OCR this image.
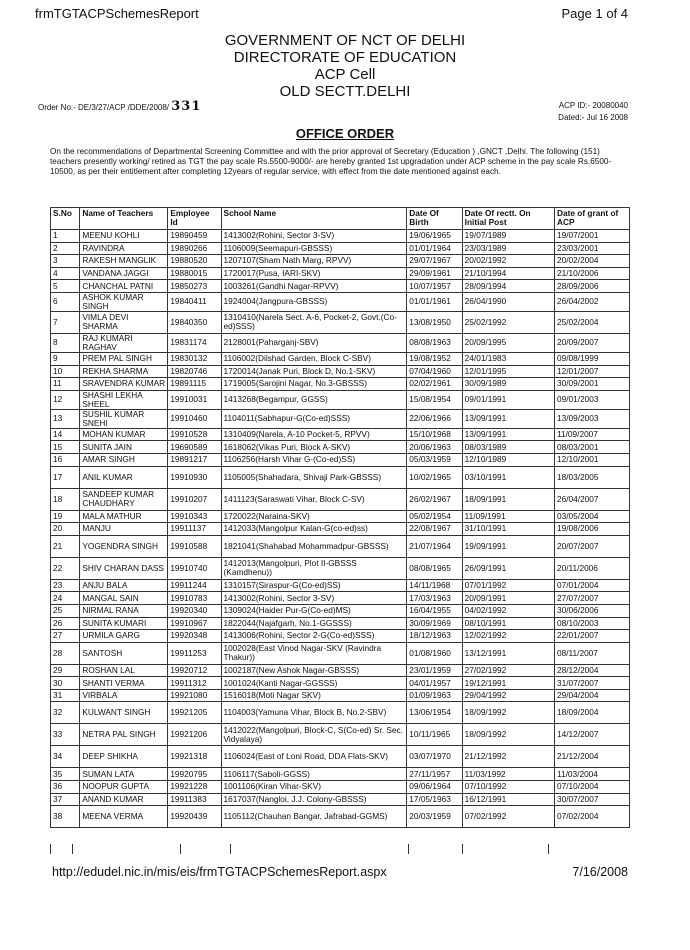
frmTGTACPSchemesReport	Page 1 of 4
GOVERNMENT OF NCT OF DELHI
DIRECTORATE OF EDUCATION
ACP Cell
OLD SECTT.DELHI
Order No:- DE/3/27/ACP /DDE/2008/ 331	ACP ID:- 20080040
Dated:- Jul 16 2008
OFFICE ORDER
On the recommendations of Departmental Screening Committee and with the prior approval of Secretary (Education ) ,GNCT ,Delhi. The following (151) teachers presently working/ retired as TGT the pay scale Rs.5500-9000/- are hereby granted 1st upgradation under ACP scheme in the pay scale Rs.6500-10500, as per their entitlement after completing 12years of regular service, with effect from the date mentioned against each.
S.No	Name of Teachers	Employee Id	School Name	Date Of Birth	Date Of rectt. On Initial Post	Date of grant of ACP
1	MEENU KOHLI	19890459	1413002(Rohini, Sector 3-SV)	19/06/1965	19/07/1989	19/07/2001
2	RAVINDRA	19890266	1106009(Seemapuri-GBSSS)	01/01/1964	23/03/1989	23/03/2001
3	RAKESH MANGLIK	19880520	1207107(Sham Nath Marg, RPVV)	29/07/1967	20/02/1992	20/02/2004
4	VANDANA JAGGI	19880015	1720017(Pusa, IARI-SKV)	29/09/1961	21/10/1994	21/10/2006
5	CHANCHAL PATNI	19850273	1003261(Gandhi Nagar-RPVV)	10/07/1957	28/09/1994	28/09/2006
6	ASHOK KUMAR SINGH	19840411	1924004(Jangpura-GBSSS)	01/01/1961	26/04/1990	26/04/2002
7	VIMLA DEVI SHARMA	19840350	1310410(Narela Sect. A-6, Pocket-2, Govt.(Co-ed)SSS)	13/08/1950	25/02/1992	25/02/2004
8	RAJ KUMARI RAGHAV	19831174	2128001(Paharganj-SBV)	08/08/1963	20/09/1995	20/09/2007
9	PREM PAL SINGH	19830132	1106002(Dilshad Garden, Block C-SBV)	19/08/1952	24/01/1983	09/08/1999
10	REKHA SHARMA	19820746	1720014(Janak Puri, Block D, No.1-SKV)	07/04/1960	12/01/1995	12/01/2007
11	SRAVENDRA KUMAR	19891115	1719005(Sarojini Nagar, No.3-GBSSS)	02/02/1961	30/09/1989	30/09/2001
12	SHASHI LEKHA SHEEL	19910031	1413268(Begampur, GGSS)	15/08/1954	09/01/1991	09/01/2003
13	SUSHIL KUMAR SNEHI	19910460	1104011(Sabhapur-G(Co-ed)SSS)	22/06/1966	13/09/1991	13/09/2003
14	MOHAN KUMAR	19910528	1310409(Narela, A-10 Pocket-5, RPVV)	15/10/1968	13/09/1991	11/09/2007
15	SUNITA JAIN	19690589	1618062(Vikas Puri, Block A-SKV)	20/06/1963	08/03/1989	08/03/2001
16	AMAR SINGH	19891217	1106256(Harsh Vihar G-(Co-ed)SS)	05/03/1959	12/10/1989	12/10/2001
17	ANIL KUMAR	19910930	1105005(Shahadara, Shivaji Park-GBSSS)	10/02/1965	03/10/1991	18/03/2005
18	SANDEEP KUMAR CHAUDHARY	19910207	1411123(Saraswati Vihar, Block C-SV)	26/02/1967	18/09/1991	26/04/2007
19	MALA MATHUR	19910343	1720022(Naraina-SKV)	05/02/1954	11/09/1991	03/05/2004
20	MANJU	19911137	1412033(Mangolpur Kalan-G(co-ed)ss)	22/08/1967	31/10/1991	19/08/2006
21	YOGENDRA SINGH	19910588	1821041(Shahabad Mohammadpur-GBSSS)	21/07/1964	19/09/1991	20/07/2007
22	SHIV CHARAN DASS	19910740	1412013(Mangolpuri, Plot II-GBSSS (Kamdhenu))	08/08/1965	26/09/1991	20/11/2006
23	ANJU BALA	19911244	1310157(Siraspur-G(Co-ed)SS)	14/11/1968	07/01/1992	07/01/2004
24	MANGAL SAIN	19910783	1413002(Rohini, Sector 3-SV)	17/03/1963	20/09/1991	27/07/2007
25	NIRMAL RANA	19920340	1309024(Haider Pur-G(Co-ed)MS)	16/04/1955	04/02/1992	30/06/2006
26	SUNITA KUMARI	19910967	1822044(Najafgarh, No.1-GGSSS)	30/09/1969	08/10/1991	08/10/2003
27	URMILA GARG	19920348	1413006(Rohini, Sector 2-G(Co-ed)SSS)	18/12/1963	12/02/1992	22/01/2007
28	SANTOSH	19911253	1002028(East Vinod Nagar-SKV (Ravindra Thakur))	01/08/1960	13/12/1991	08/11/2007
29	ROSHAN LAL	19920712	1002187(New Ashok Nagar-GBSSS)	23/01/1959	27/02/1992	28/12/2004
30	SHANTI VERMA	19911312	1001024(Kanti Nagar-GGSSS)	04/01/1957	19/12/1991	31/07/2007
31	VIRBALA	19921080	1516018(Moti Nagar SKV)	01/09/1963	29/04/1992	29/04/2004
32	KULWANT SINGH	19921205	1104003(Yamuna Vihar, Block B, No.2-SBV)	13/06/1954	18/09/1992	18/09/2004
33	NETRA PAL SINGH	19921206	1412022(Mangolpuri, Block-C, S(Co-ed) Sr. Sec. Vidyalaya)	10/11/1965	18/09/1992	14/12/2007
34	DEEP SHIKHA	19921318	1106024(East of Loni Road, DDA Flats-SKV)	03/07/1970	21/12/1992	21/12/2004
35	SUMAN LATA	19920795	1106117(Saboli-GGSS)	27/11/1957	11/03/1992	11/03/2004
36	NOOPUR GUPTA	19921228	1001106(Kiran Vihar-SKV)	09/06/1964	07/10/1992	07/10/2004
37	ANAND KUMAR	19911383	1617037(Nangloi, J.J. Colony-GBSSS)	17/05/1963	16/12/1991	30/07/2007
38	MEENA VERMA	19920439	1105112(Chauhan Bangar, Jafrabad-GGMS)	20/03/1959	07/02/1992	07/02/2004
http://edudel.nic.in/mis/eis/frmTGTACPSchemesReport.aspx	7/16/2008
